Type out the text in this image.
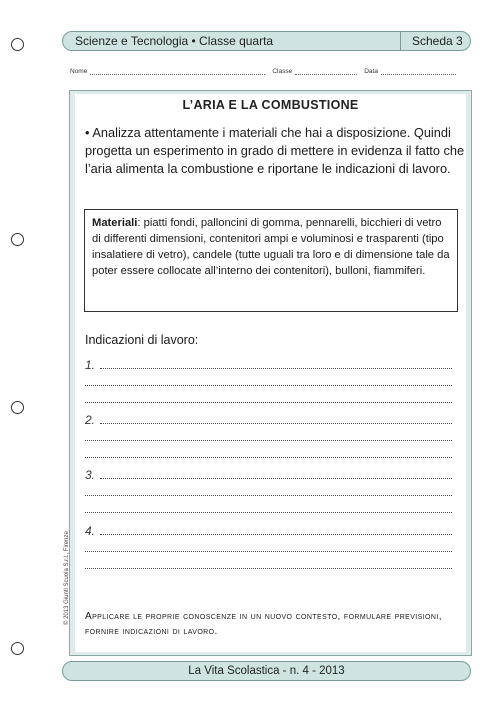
Scienze e Tecnologia • Classe quarta	Scheda 3
Nome	Classe	Data
L’ARIA E LA COMBUSTIONE
• Analizza attentamente i materiali che hai a disposizione. Quindi progetta un esperimento in grado di mettere in evidenza il fatto che l’aria alimenta la combustione e riportane le indicazioni di lavoro.
Materiali: piatti fondi, palloncini di gomma, pennarelli, bicchieri di vetro di differenti dimensioni, contenitori ampi e voluminosi e trasparenti (tipo insalatiere di vetro), candele (tutte uguali tra loro e di dimensione tale da poter essere collocate all’interno dei contenitori), bulloni, fiammiferi.
Indicazioni di lavoro:
1.
2.
3.
4.
Applicare le proprie conoscenze in un nuovo contesto, formulare previsioni, fornire indicazioni di lavoro.
© 2013 Giunti Scuola S.r.l., Firenze
La Vita Scolastica - n. 4 - 2013
